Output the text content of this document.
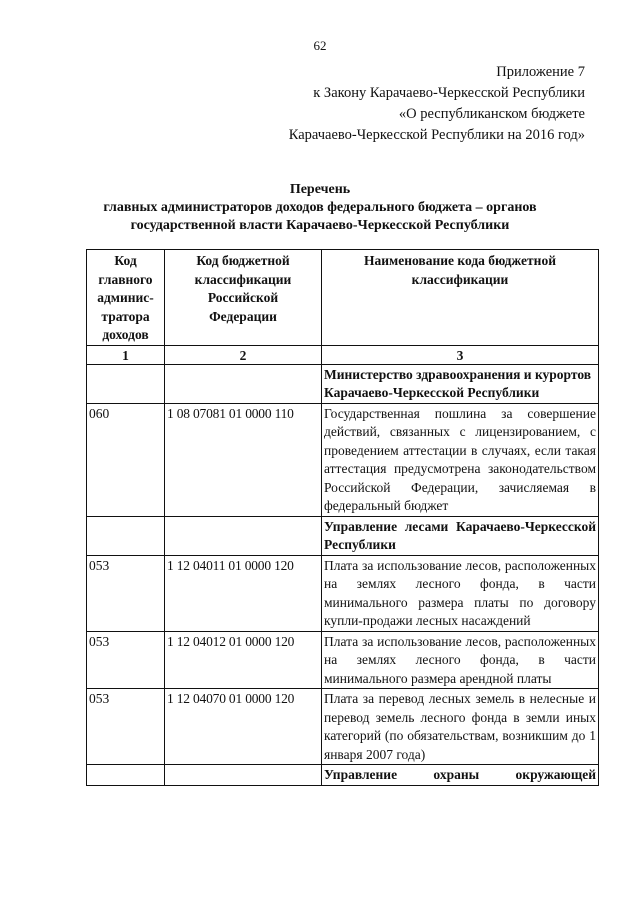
62
Приложение 7
к Закону Карачаево-Черкесской Республики
«О республиканском бюджете
Карачаево-Черкесской Республики на 2016 год»
Перечень
главных администраторов доходов федерального бюджета – органов
государственной власти Карачаево-Черкесской Республики
Код главного админис-тратора доходов	Код бюджетной классификации Российской Федерации	Наименование кода бюджетной классификации
1	2	3
		Министерство здравоохранения и курортов Карачаево-Черкесской Республики
060	1 08 07081 01 0000 110	Государственная пошлина за совершение действий, связанных с лицензированием, с проведением аттестации в случаях, если такая аттестация предусмотрена законодательством Российской Федерации, зачисляемая в федеральный бюджет
		Управление лесами Карачаево-Черкесской Республики
053	1 12 04011 01 0000 120	Плата за использование лесов, расположенных на землях лесного фонда, в части минимального размера платы по договору купли-продажи лесных насаждений
053	1 12 04012 01 0000 120	Плата за использование лесов, расположенных на землях лесного фонда, в части минимального размера арендной платы
053	1 12 04070 01 0000 120	Плата за перевод лесных земель в нелесные и перевод земель лесного фонда в земли иных категорий (по обязательствам, возникшим до 1 января 2007 года)
		Управление охраны окружающей
